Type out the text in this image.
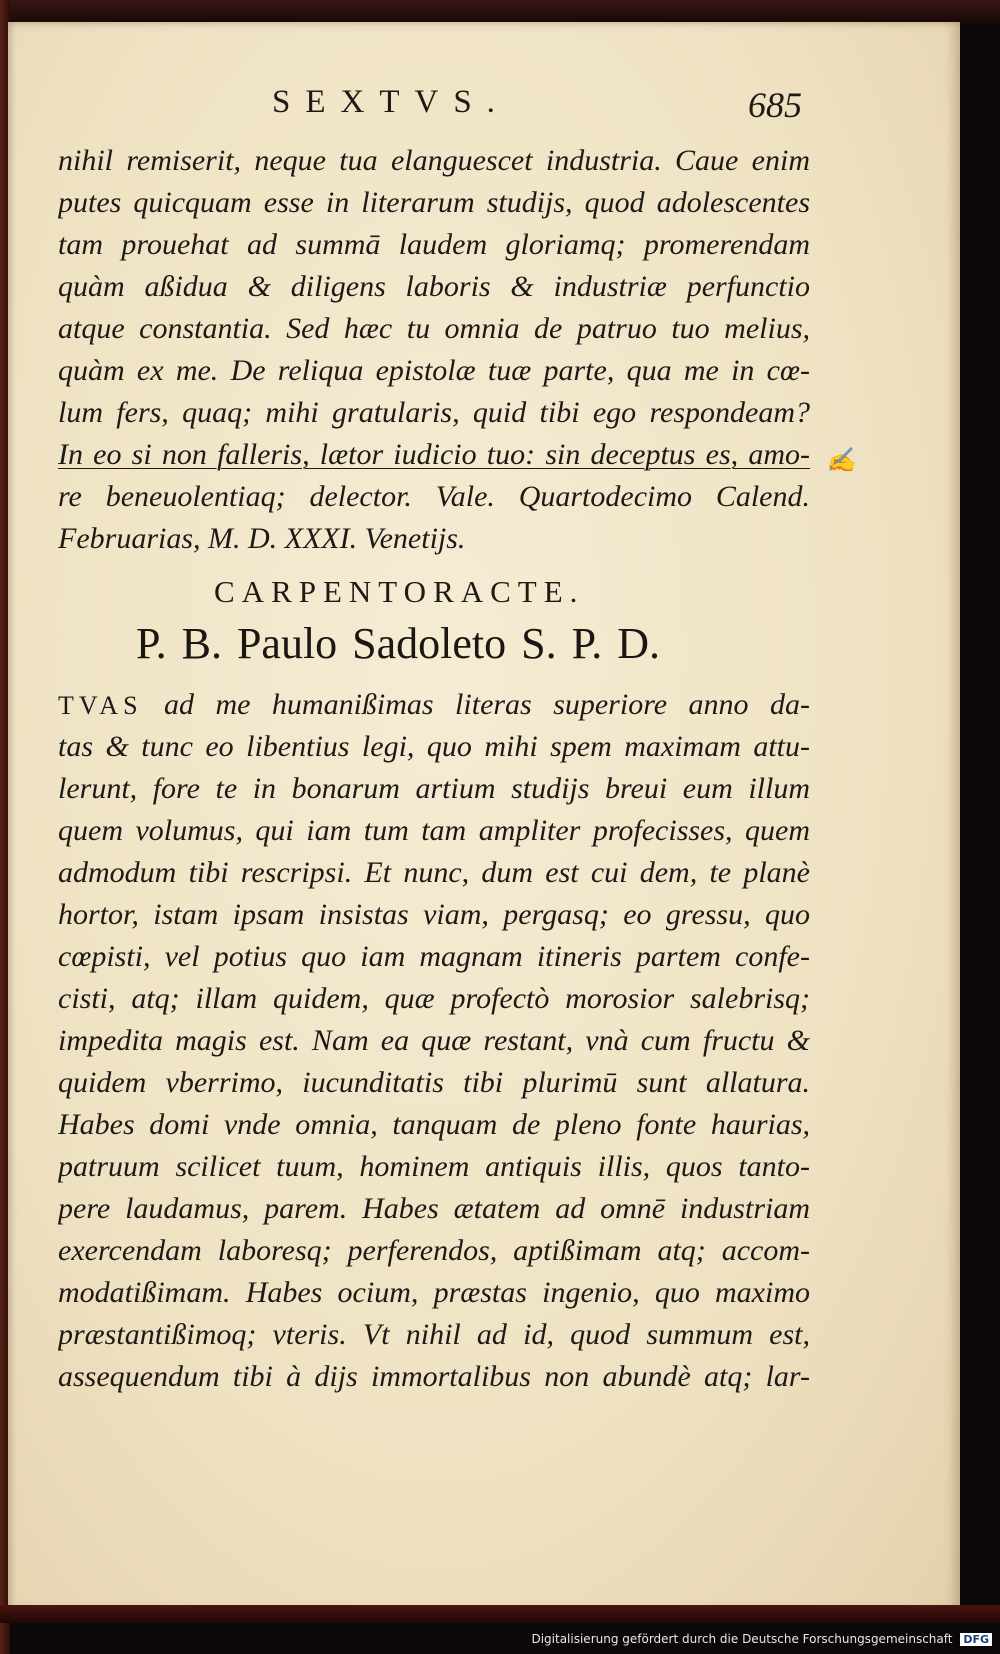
SEXTVS.	685
nihil remiserit, neque tua elanguescet industria. Caue enim
putes quicquam esse in literarum studijs, quod adolescentes
tam prouehat ad summā laudem gloriamq; promerendam
quàm aßidua & diligens laboris & industriæ perfunctio
atque constantia. Sed hæc tu omnia de patruo tuo melius,
quàm ex me. De reliqua epistolæ tuæ parte, qua me in cœ-
lum fers, quaq; mihi gratularis, quid tibi ego respondeam?
In eo si non falleris, lætor iudicio tuo: sin deceptus es, amo-
re beneuolentiaq; delector. Vale. Quartodecimo Calend.
Februarias, M. D. XXXI. Venetijs.
✍
CARPENTORACTE.
P. B. Paulo Sadoleto S. P. D.
TVAS ad me humanißimas literas superiore anno da-
tas & tunc eo libentius legi, quo mihi spem maximam attu-
lerunt, fore te in bonarum artium studijs breui eum illum
quem volumus, qui iam tum tam ampliter profecisses, quem
admodum tibi rescripsi. Et nunc, dum est cui dem, te planè
hortor, istam ipsam insistas viam, pergasq; eo gressu, quo
cœpisti, vel potius quo iam magnam itineris partem confe-
cisti, atq; illam quidem, quæ profectò morosior salebrisq;
impedita magis est. Nam ea quæ restant, vnà cum fructu &
quidem vberrimo, iucunditatis tibi plurimū sunt allatura.
Habes domi vnde omnia, tanquam de pleno fonte haurias,
patruum scilicet tuum, hominem antiquis illis, quos tanto-
pere laudamus, parem. Habes ætatem ad omnē industriam
exercendam laboresq; perferendos, aptißimam atq; accom-
modatißimam. Habes ocium, præstas ingenio, quo maximo
præstantißimoq; vteris. Vt nihil ad id, quod summum est,
assequendum tibi à dijs immortalibus non abundè atq; lar-
Digitalisierung gefördert durch die Deutsche Forschungsgemeinschaft DFG
